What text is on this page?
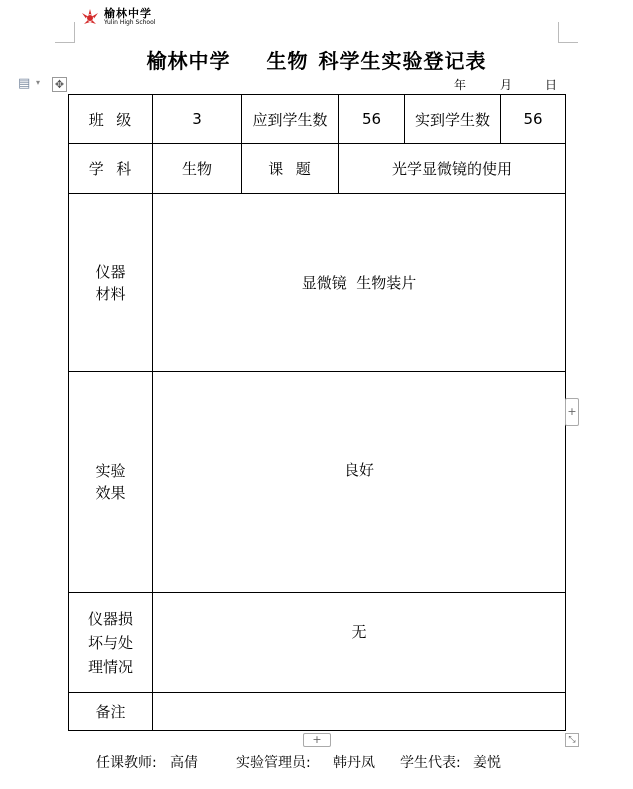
榆林中学
Yulin High School
▤ ▾ ✥
榆林中学 生物 科学生实验登记表
年	月	日
班  级	3	应到学生数	56	实到学生数	56
学  科	生物	课  题	光学显微镜的使用		

仪器
材料	显微镜  生物装片				

实验
效果	良好				

仪器损
坏与处
理情况	无				
备注					
+
+	⤡
任课教师: 高倩	实验管理员: 韩丹凤 学生代表: 姜悦
